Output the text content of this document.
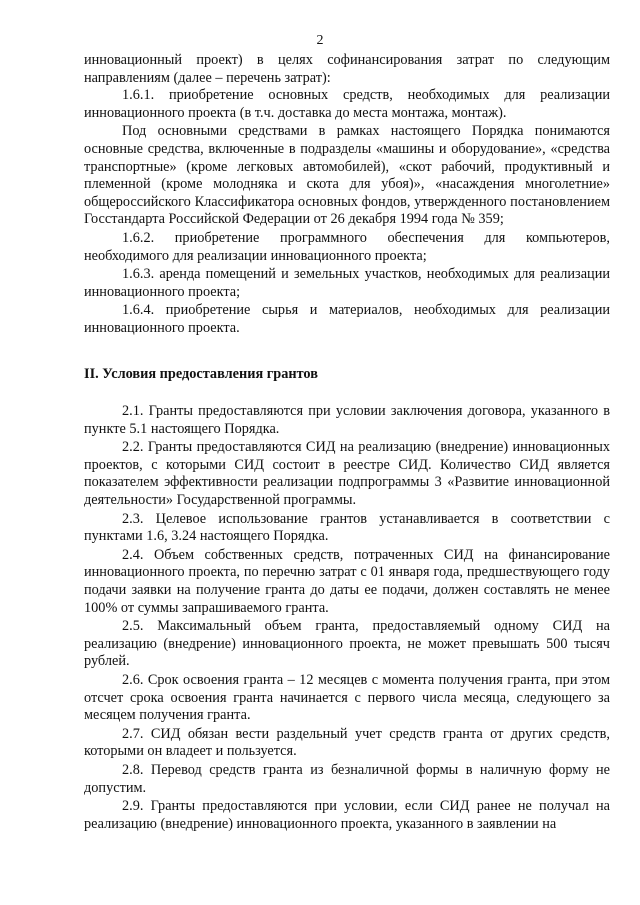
2

инновационный проект) в целях софинансирования затрат по следующим направлениям (далее – перечень затрат):

1.6.1. приобретение основных средств, необходимых для реализации инновационного проекта (в т.ч. доставка до места монтажа, монтаж).

Под основными средствами в рамках настоящего Порядка понимаются основные средства, включенные в подразделы «машины и оборудование», «средства транспортные» (кроме легковых автомобилей), «скот рабочий, продуктивный и племенной (кроме молодняка и скота для убоя)», «насаждения многолетние» общероссийского Классификатора основных фондов, утвержденного постановлением Госстандарта Российской Федерации от 26 декабря 1994 года № 359;

1.6.2. приобретение программного обеспечения для компьютеров, необходимого для реализации инновационного проекта;

1.6.3. аренда помещений и земельных участков, необходимых для реализации инновационного проекта;

1.6.4. приобретение сырья и материалов, необходимых для реализации инновационного проекта.

II. Условия предоставления грантов

2.1. Гранты предоставляются при условии заключения договора, указанного в пункте 5.1 настоящего Порядка.

2.2. Гранты предоставляются СИД на реализацию (внедрение) инновационных проектов, с которыми СИД состоит в реестре СИД. Количество СИД является показателем эффективности реализации подпрограммы 3 «Развитие инновационной деятельности» Государственной программы.

2.3. Целевое использование грантов устанавливается в соответствии с пунктами 1.6, 3.24 настоящего Порядка.

2.4. Объем собственных средств, потраченных СИД на финансирование инновационного проекта, по перечню затрат с 01 января года, предшествующего году подачи заявки на получение гранта до даты ее подачи, должен составлять не менее 100% от суммы запрашиваемого гранта.

2.5. Максимальный объем гранта, предоставляемый одному СИД на реализацию (внедрение) инновационного проекта, не может превышать 500 тысяч рублей.

2.6. Срок освоения гранта – 12 месяцев с момента получения гранта, при этом отсчет срока освоения гранта начинается с первого числа месяца, следующего за месяцем получения гранта.

2.7. СИД обязан вести раздельный учет средств гранта от других средств, которыми он владеет и пользуется.

2.8. Перевод средств гранта из безналичной формы в наличную форму не допустим.

2.9. Гранты предоставляются при условии, если СИД ранее не получал на реализацию (внедрение) инновационного проекта, указанного в заявлении на
